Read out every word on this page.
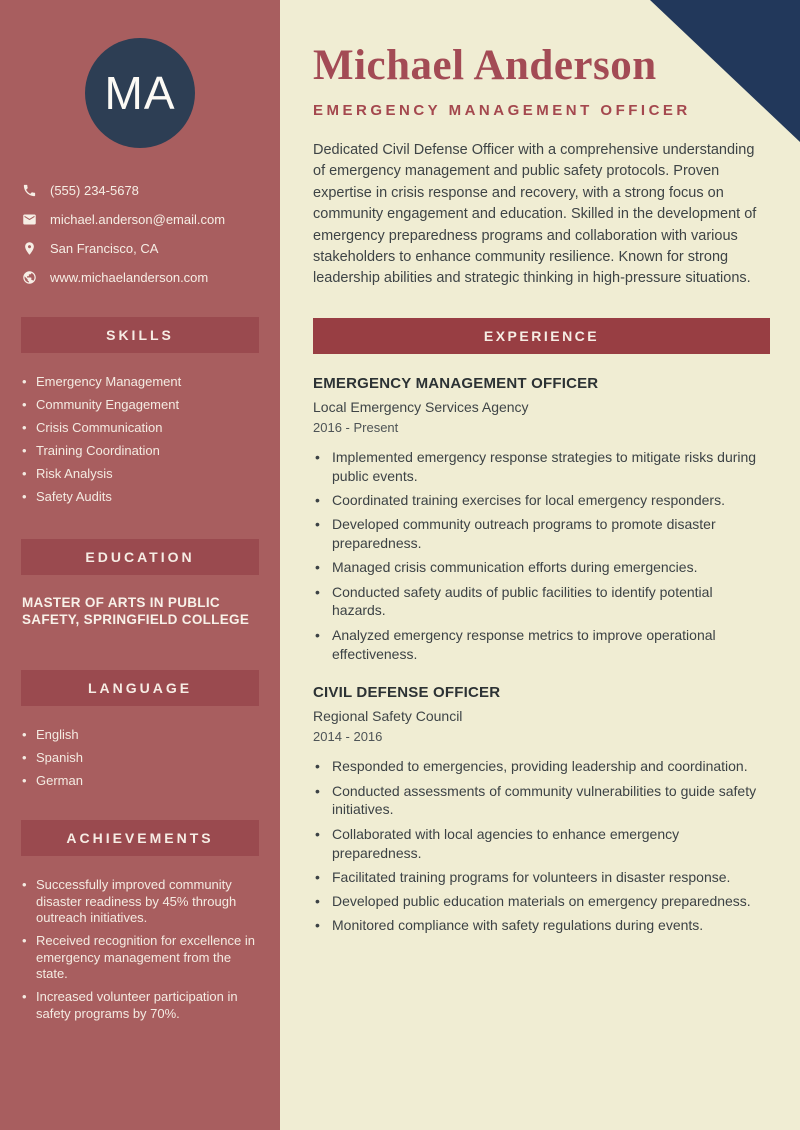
MA
(555) 234-5678
michael.anderson@email.com
San Francisco, CA
www.michaelanderson.com
SKILLS
• Emergency Management
• Community Engagement
• Crisis Communication
• Training Coordination
• Risk Analysis
• Safety Audits
EDUCATION
MASTER OF ARTS IN PUBLIC SAFETY, SPRINGFIELD COLLEGE
LANGUAGE
• English
• Spanish
• German
ACHIEVEMENTS
• Successfully improved community disaster readiness by 45% through outreach initiatives.
• Received recognition for excellence in emergency management from the state.
• Increased volunteer participation in safety programs by 70%.
Michael Anderson
EMERGENCY MANAGEMENT OFFICER

Dedicated Civil Defense Officer with a comprehensive understanding of emergency management and public safety protocols. Proven expertise in crisis response and recovery, with a strong focus on community engagement and education. Skilled in the development of emergency preparedness programs and collaboration with various stakeholders to enhance community resilience. Known for strong leadership abilities and strategic thinking in high-pressure situations.

EXPERIENCE
EMERGENCY MANAGEMENT OFFICER
Local Emergency Services Agency
2016 - Present
• Implemented emergency response strategies to mitigate risks during public events.
• Coordinated training exercises for local emergency responders.
• Developed community outreach programs to promote disaster preparedness.
• Managed crisis communication efforts during emergencies.
• Conducted safety audits of public facilities to identify potential hazards.
• Analyzed emergency response metrics to improve operational effectiveness.
CIVIL DEFENSE OFFICER
Regional Safety Council
2014 - 2016
• Responded to emergencies, providing leadership and coordination.
• Conducted assessments of community vulnerabilities to guide safety initiatives.
• Collaborated with local agencies to enhance emergency preparedness.
• Facilitated training programs for volunteers in disaster response.
• Developed public education materials on emergency preparedness.
• Monitored compliance with safety regulations during events.
